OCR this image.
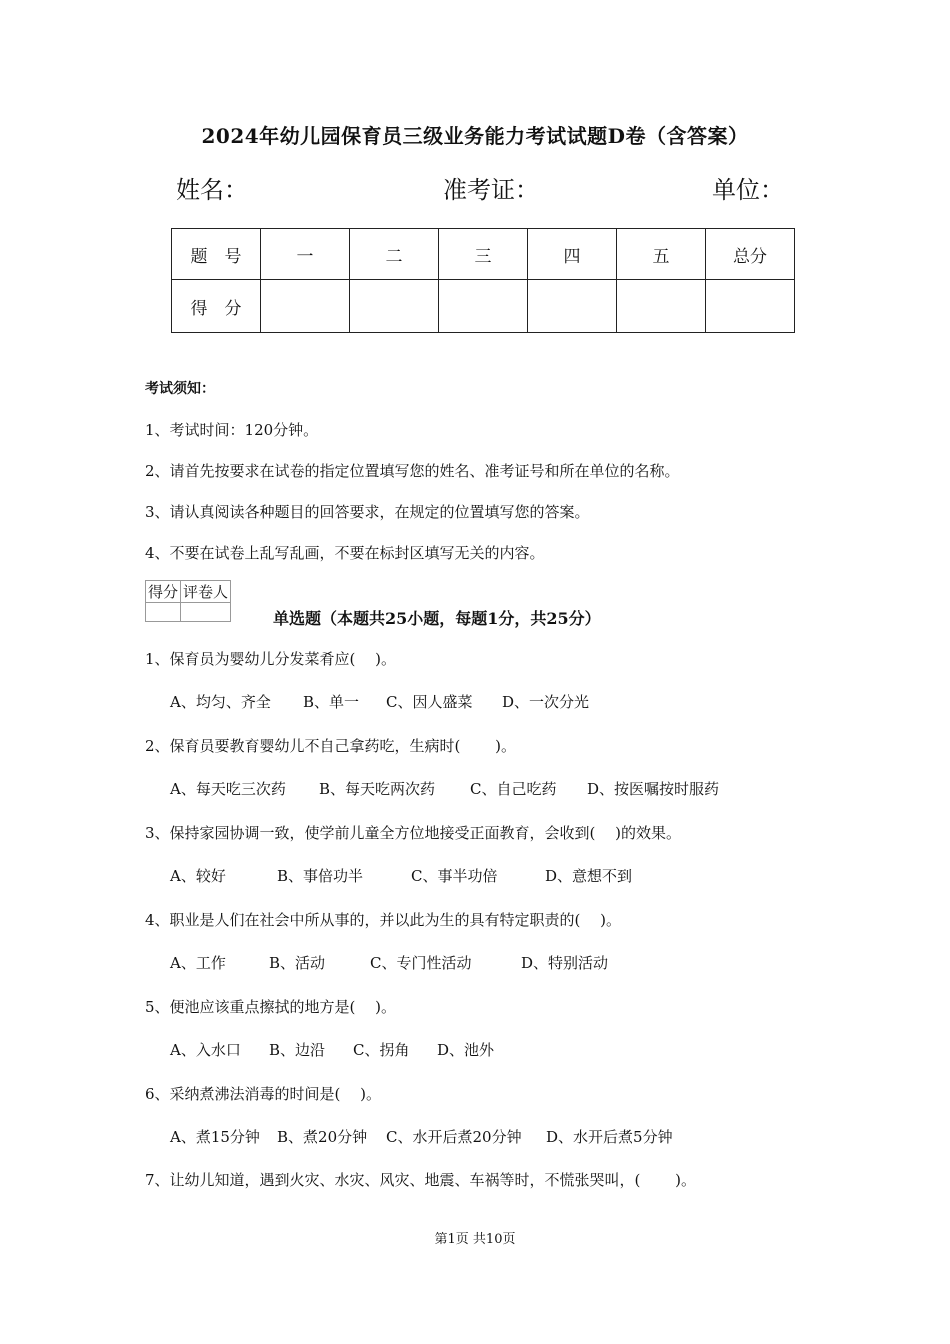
2024年幼儿园保育员三级业务能力考试试题D卷（含答案）
姓名：	准考证：	单位：
题　号	一	二	三	四	五	总分
得　分						
考试须知：
1、考试时间：120分钟。
2、请首先按要求在试卷的指定位置填写您的姓名、准考证号和所在单位的名称。
3、请认真阅读各种题目的回答要求，在规定的位置填写您的答案。
4、不要在试卷上乱写乱画，不要在标封区填写无关的内容。
得分	评卷人

单选题（本题共25小题，每题1分，共25分）
1、保育员为婴幼儿分发菜肴应(　 )。
A、均匀、齐全 B、单一 C、因人盛菜 D、一次分光
2、保育员要教育婴幼儿不自己拿药吃，生病时(　 　)。
A、每天吃三次药 B、每天吃两次药 C、自己吃药 D、按医嘱按时服药
3、保持家园协调一致，使学前儿童全方位地接受正面教育，会收到(　 )的效果。
A、较好	B、事倍功半	C、事半功倍	D、意想不到
4、职业是人们在社会中所从事的，并以此为生的具有特定职责的(　 )。
A、工作	B、活动	C、专门性活动	D、特别活动
5、便池应该重点擦拭的地方是(　 )。
A、入水口 B、边沿 C、拐角 D、池外
6、采纳煮沸法消毒的时间是(　 )。
A、煮15分钟 B、煮20分钟 C、水开后煮20分钟 D、水开后煮5分钟
7、让幼儿知道，遇到火灾、水灾、风灾、地震、车祸等时，不慌张哭叫，(　 　)。
第1页 共10页
